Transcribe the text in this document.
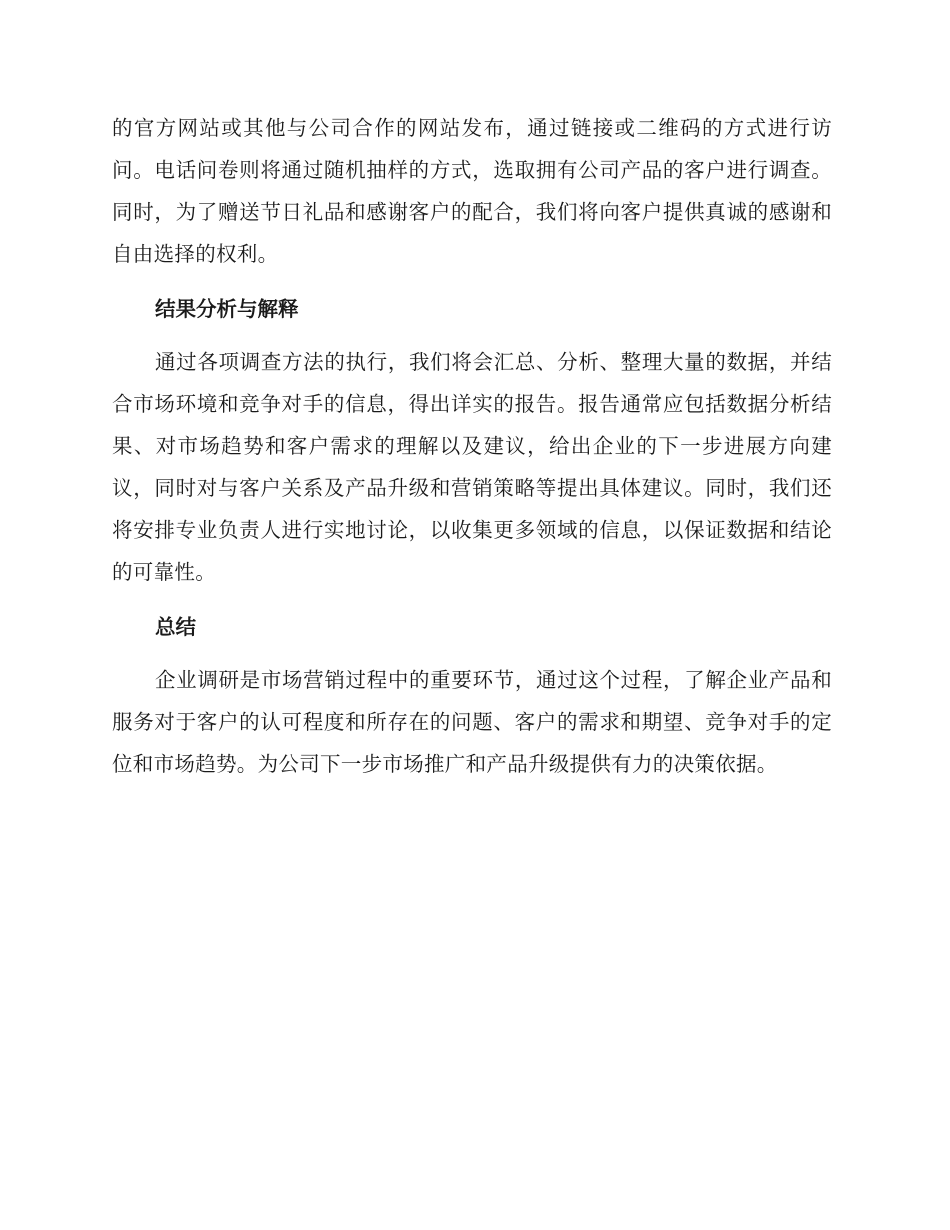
的官方网站或其他与公司合作的网站发布，通过链接或二维码的方式进行访问。电话问卷则将通过随机抽样的方式，选取拥有公司产品的客户进行调查。同时，为了赠送节日礼品和感谢客户的配合，我们将向客户提供真诚的感谢和自由选择的权利。

结果分析与解释

通过各项调查方法的执行，我们将会汇总、分析、整理大量的数据，并结合市场环境和竞争对手的信息，得出详实的报告。报告通常应包括数据分析结果、对市场趋势和客户需求的理解以及建议，给出企业的下一步进展方向建议，同时对与客户关系及产品升级和营销策略等提出具体建议。同时，我们还将安排专业负责人进行实地讨论，以收集更多领域的信息，以保证数据和结论的可靠性。

总结

企业调研是市场营销过程中的重要环节，通过这个过程，了解企业产品和服务对于客户的认可程度和所存在的问题、客户的需求和期望、竞争对手的定位和市场趋势。为公司下一步市场推广和产品升级提供有力的决策依据。
